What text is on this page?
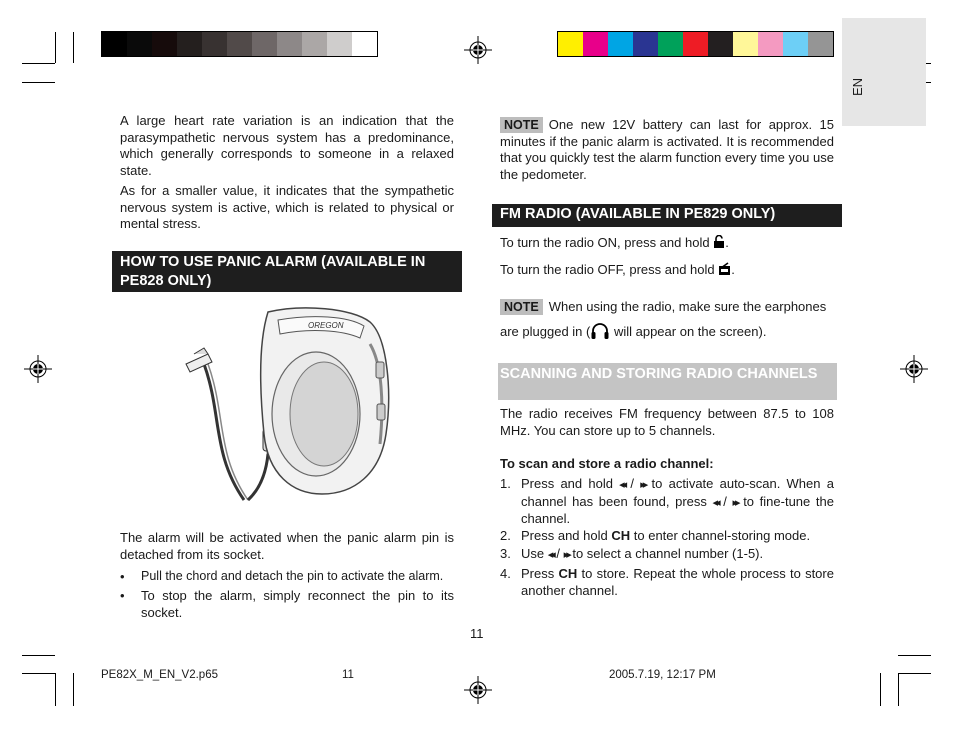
EN

A large heart rate variation is an indication that the parasympathetic nervous system has a predominance, which generally corresponds to someone in a relaxed state.

As for a smaller value, it indicates that the sympathetic nervous system is active, which is related to physical or mental stress.

HOW TO USE PANIC ALARM (AVAILABLE IN PE828 ONLY)
OREGON

The alarm will be activated when the panic alarm pin is detached from its socket.

• Pull the chord and detach the pin to activate the alarm.
• To stop the alarm, simply reconnect the pin to its socket.

NOTE One new 12V battery can last for approx. 15 minutes if the panic alarm is activated. It is recommended that you quickly test the alarm function every time you use the pedometer.

FM RADIO (AVAILABLE IN PE829 ONLY)

To turn the radio ON, press and hold .

To turn the radio OFF, press and hold .

NOTE When using the radio, make sure the earphones

are plugged in ( will appear on the screen).

SCANNING AND STORING RADIO CHANNELS

The radio receives FM frequency between 87.5 to 108 MHz. You can store up to 5 channels.

To scan and store a radio channel:

1. Press and hold ◂◂ / ▸▸ to activate auto-scan. When a channel has been found, press ◂◂ / ▸▸ to fine-tune the channel.
2. Press and hold CH to enter channel-storing mode.
3. Use ◂◂ / ▸▸ to select a channel number (1-5).
4. Press CH to store. Repeat the whole process to store another channel.
11
PE82X_M_EN_V2.p65	11	2005.7.19, 12:17 PM
